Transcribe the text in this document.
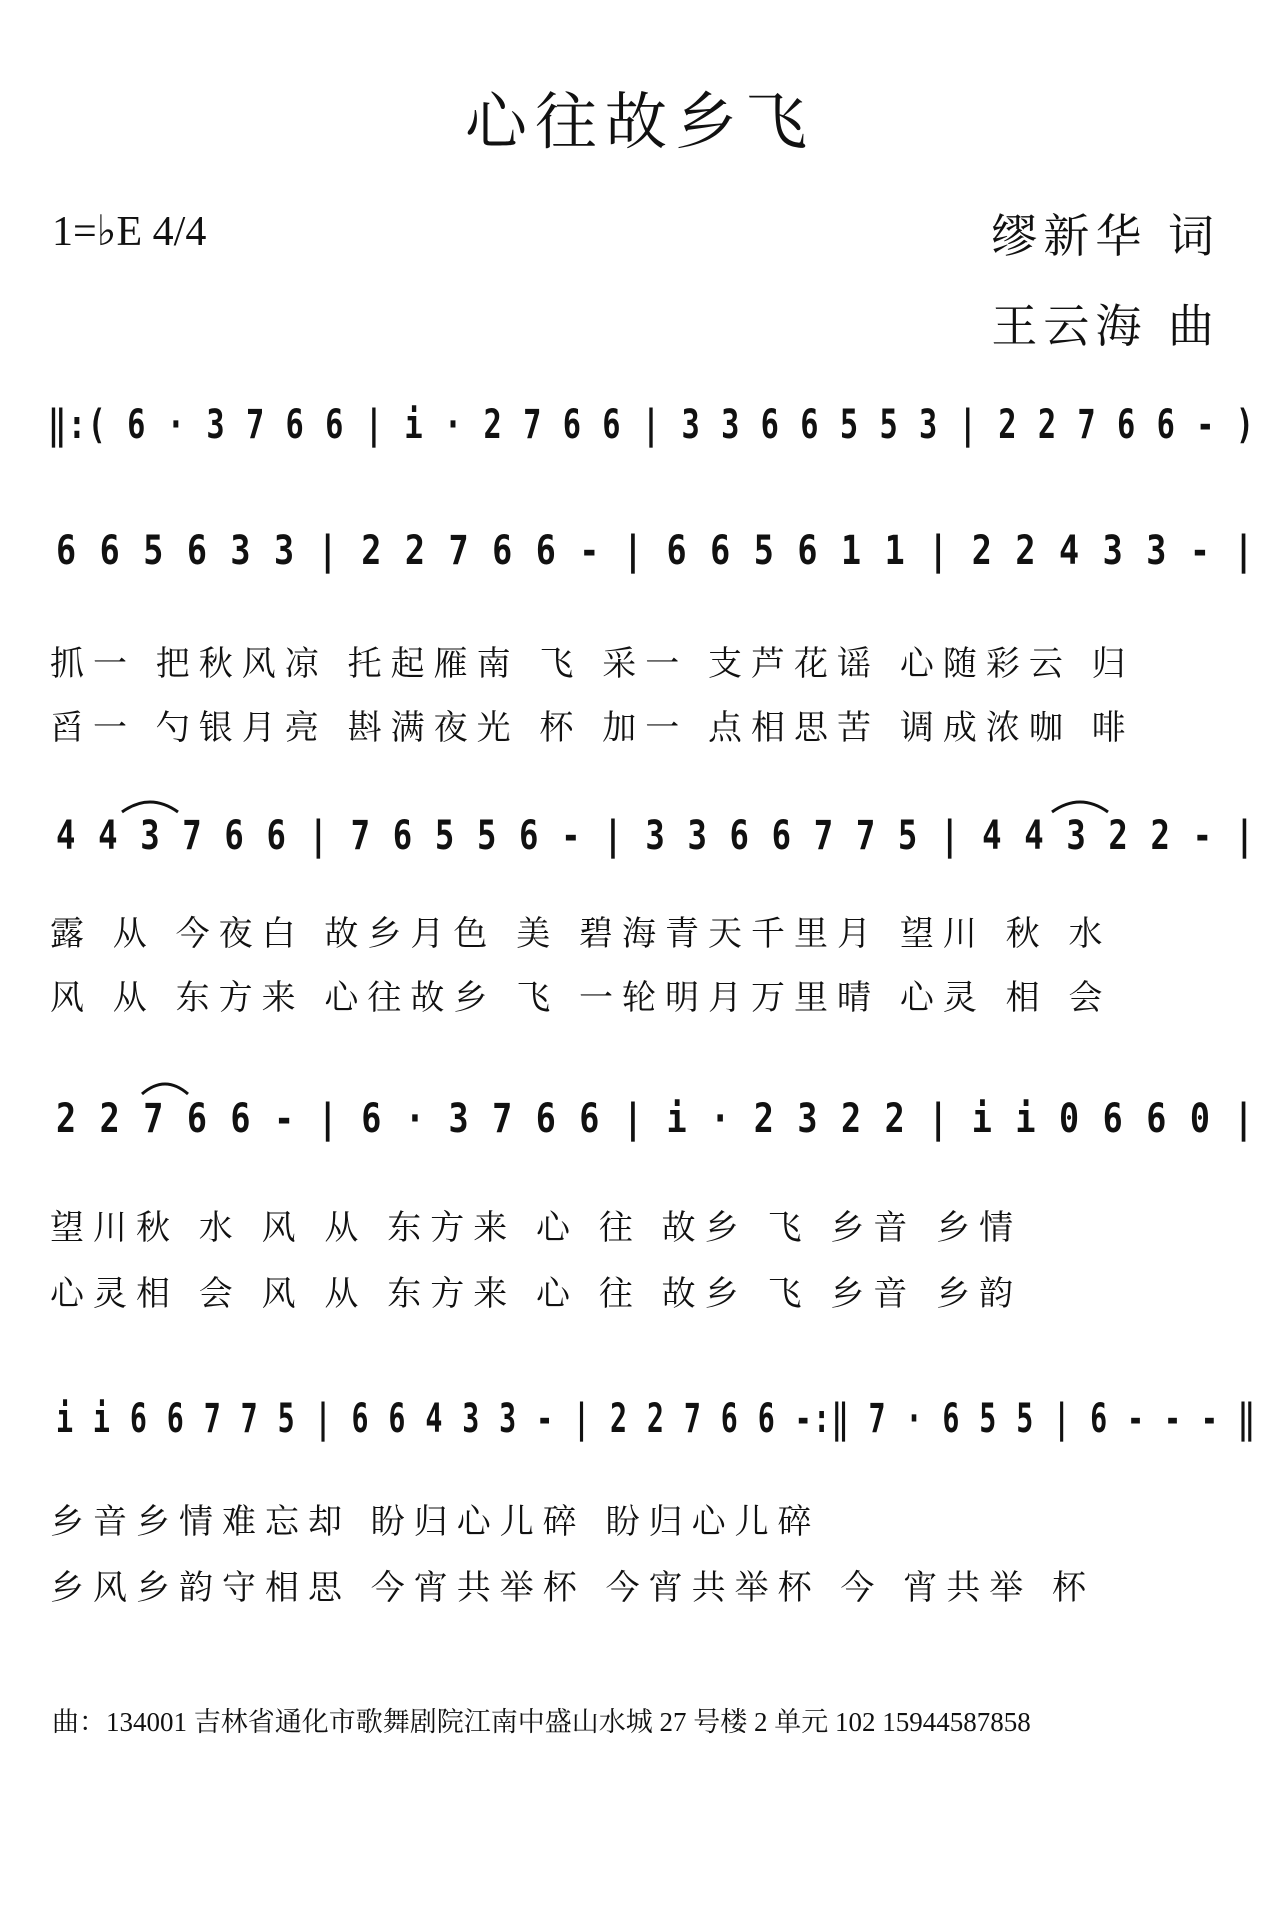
心往故乡飞
1=♭E 4/4	缪新华 词
王云海 曲
‖:( 6 · 3 7 6 6 | i · 2 7 6 6 | 3 3 6 6 5 5 3 | 2 2 7 6 6 - )
6 6 5 6 3 3 | 2 2 7 6 6 - | 6 6 5 6 1 1 | 2 2 4 3 3 - |
抓一 把秋风凉 托起雁南 飞 采一 支芦花谣 心随彩云 归
舀一 勺银月亮 斟满夜光 杯 加一 点相思苦 调成浓咖 啡
4 4 3 7 6 6 | 7 6 5 5 6 - | 3 3 6 6 7 7 5 | 4 4 3 2 2 - |
露 从 今夜白 故乡月色 美 碧海青天千里月 望川 秋 水
风 从 东方来 心往故乡 飞 一轮明月万里晴 心灵 相 会
2 2 7 6 6 - | 6 · 3 7 6 6 | i · 2 3 2 2 | i i 0 6 6 0 |
望川秋 水 风 从 东方来 心 往 故乡 飞 乡音 乡情
心灵相 会 风 从 东方来 心 往 故乡 飞 乡音 乡韵
i i 6 6 7 7 5 | 6 6 4 3 3 - | 2 2 7 6 6 -:‖ 7 · 6 5 5 | 6 - - - ‖
乡音乡情难忘却 盼归心儿碎 盼归心儿碎
乡风乡韵守相思 今宵共举杯 今宵共举杯 今 宵共举 杯
曲：134001 吉林省通化市歌舞剧院江南中盛山水城 27 号楼 2 单元 102 15944587858
